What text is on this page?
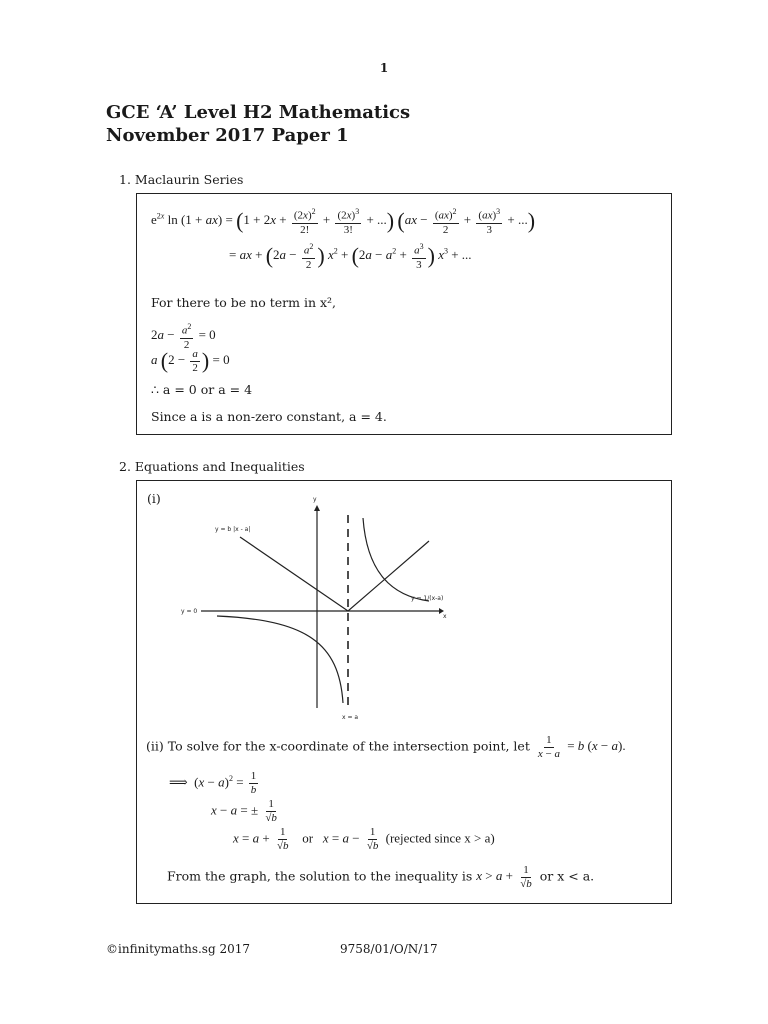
1
GCE ‘A’ Level H2 Mathematics
November 2017 Paper 1
1. Maclaurin Series
$e^{2x}$ $\ln (1 + ax) = (1 + 2x + \frac{(2x)^2}{2!} + \frac{(2x)^3}{3!}$ + ...) ($ax - \frac{(ax)^2}{2} + \frac{(ax)^3}{3}$ + ...)
= ax + ($2a - \frac{a^2}{2}$ ) $x^2 + (2a - a^2 + \frac{a^3}{3}$ ) $x^3$ + ...
For there to be no term in x²,
$2a - \frac{a^2}{2} = 0$
a ($2 - \frac{a}{2}$ ) = 0
∴ a = 0 or a = 4
Since a is a non-zero constant, a = 4.
2. Equations and Inequalities
(i)	y
x
y = b |x - a|
y = 1/(x-a)
y = 0
x = a
(ii) To solve for the x-coordinate of the intersection point, let $\frac{1}{x - a} = b$ (x − a).
⟹  $(x - a)^2 = \frac{1}{b}$
x − a = ± $\frac{1}{√b}$
$x = a + \frac{1}{√b}$ or $x = a - \frac{1}{√b}$ (rejected since x > a)
From the graph, the solution to the inequality is $x > a + \frac{1}{√b}$ or x < a.
©infinitymaths.sg 2017	9758/01/O/N/17
